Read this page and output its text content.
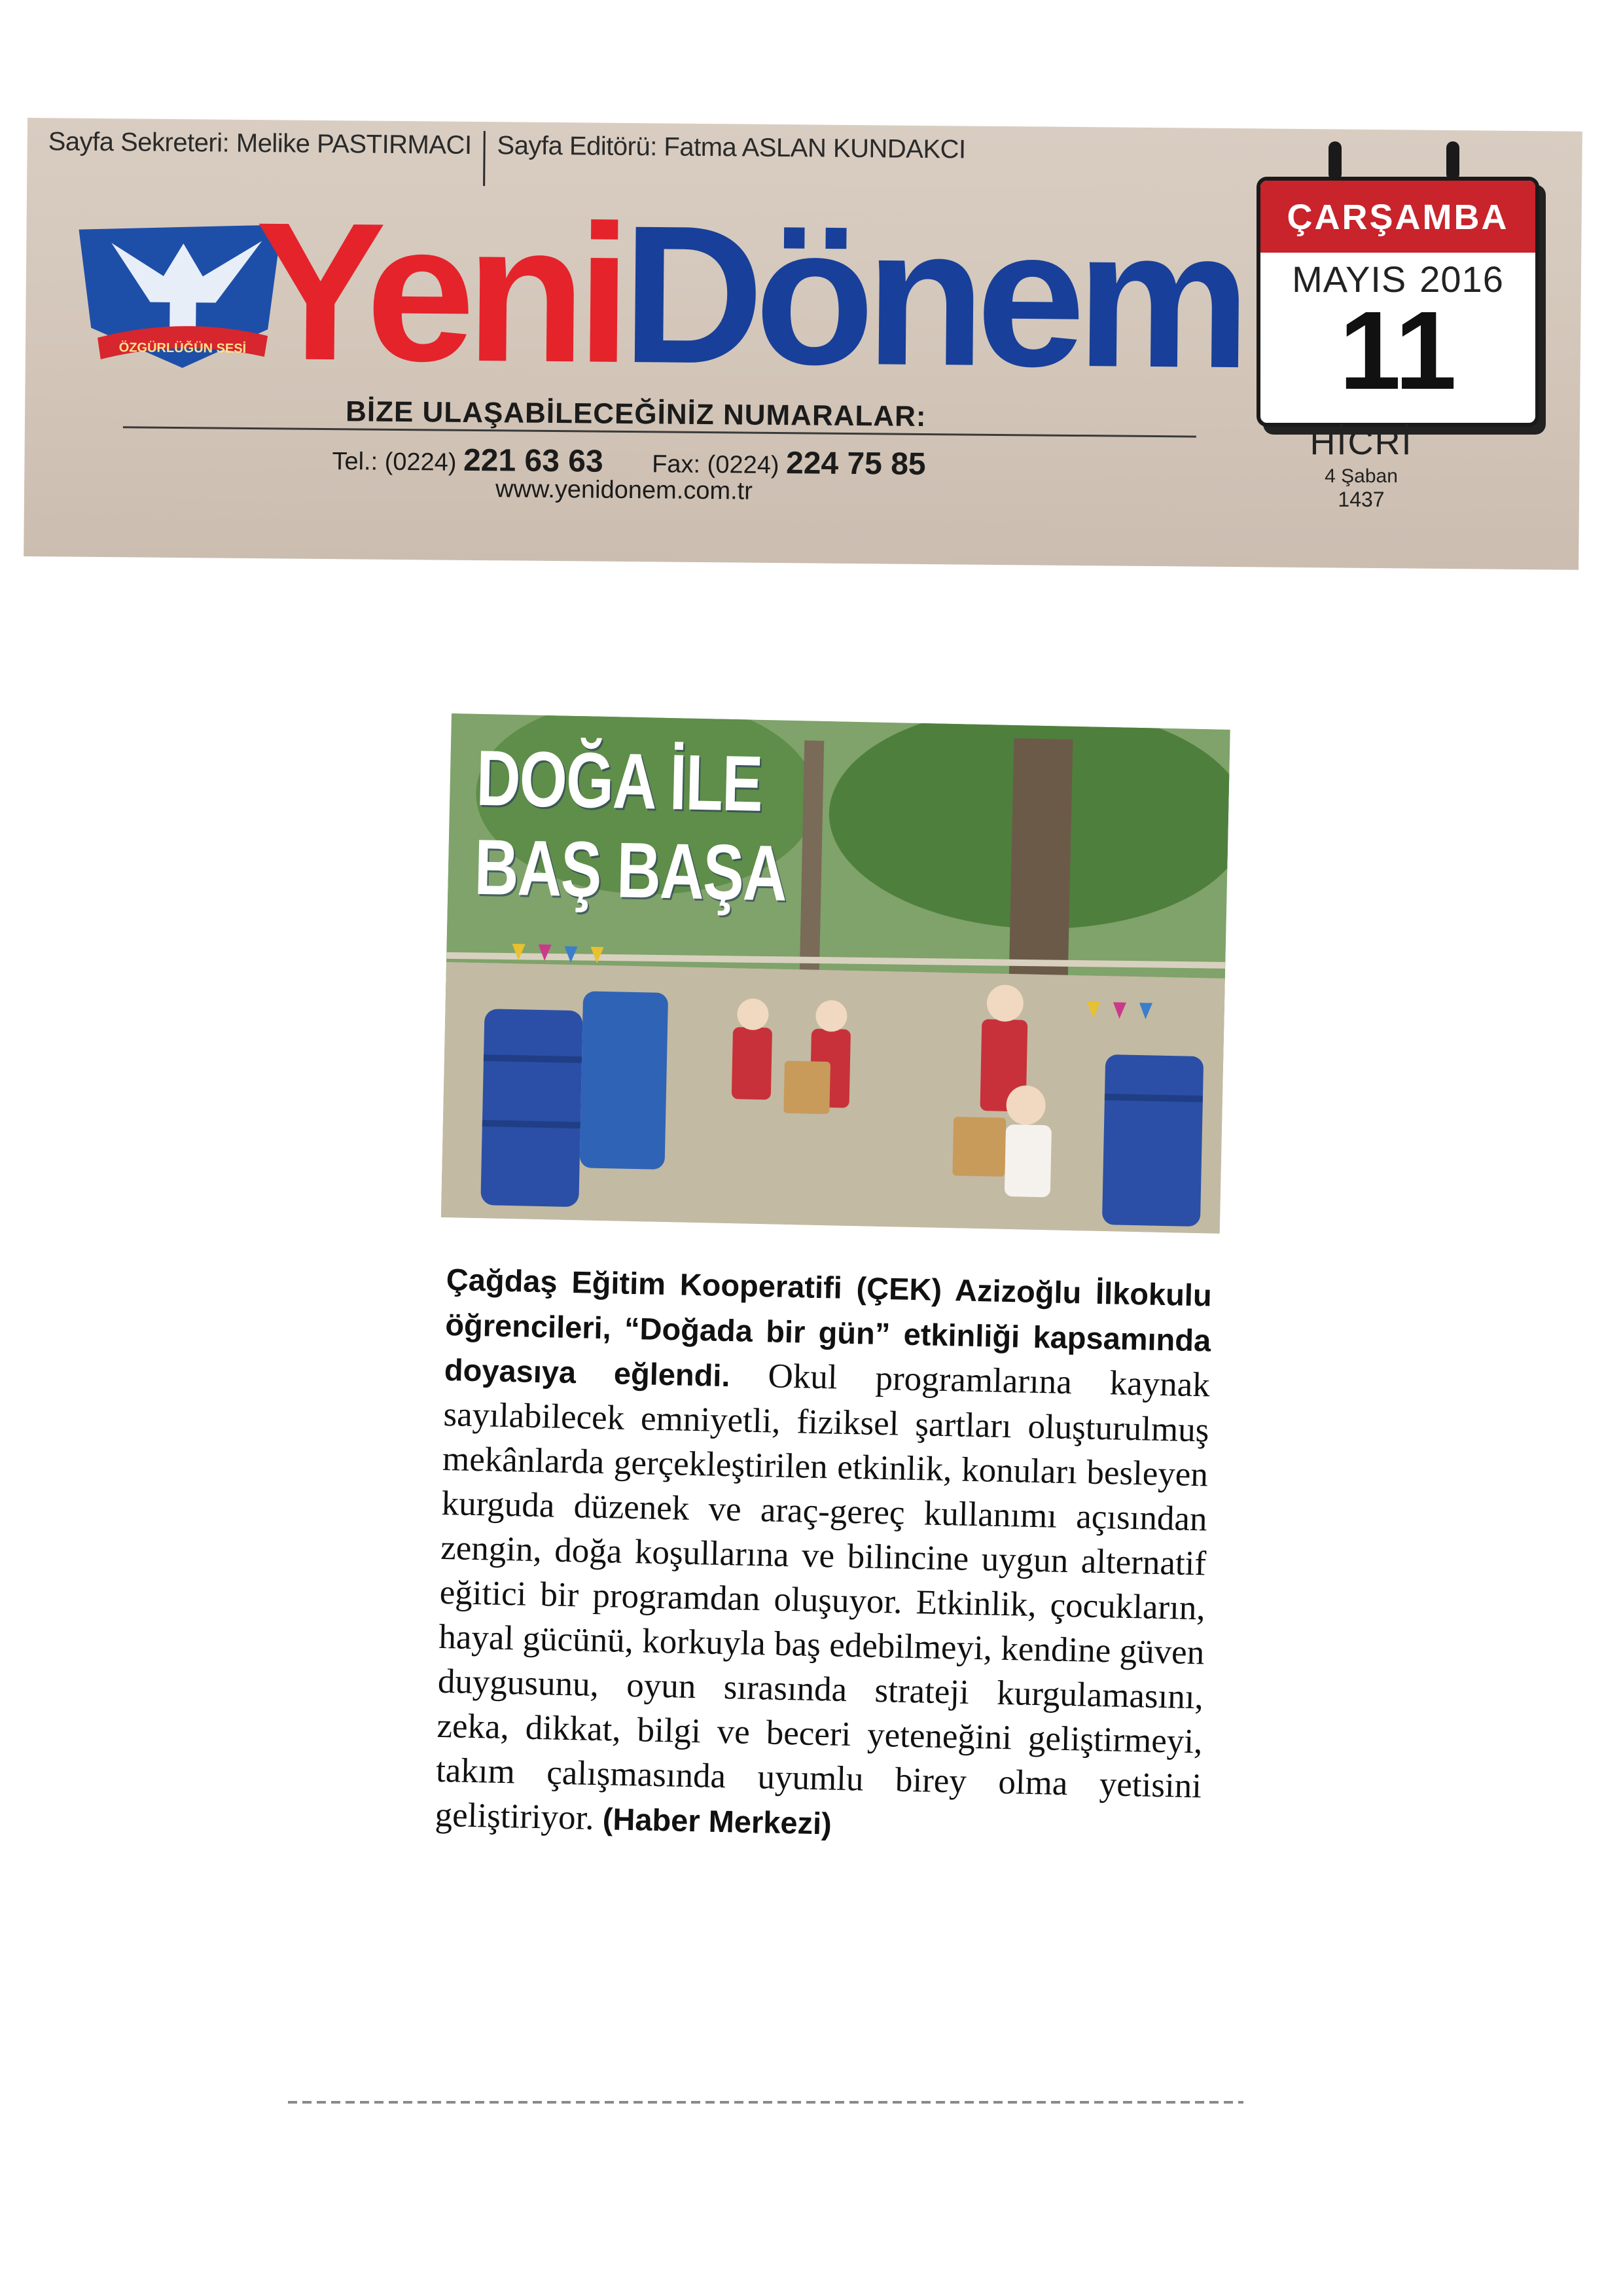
Sayfa Sekreteri: Melike PASTIRMACI Sayfa Editörü: Fatma ASLAN KUNDAKCI
ÖZGÜRLÜĞÜN SESİ YeniDönem
BİZE ULAŞABİLECEĞİNİZ NUMARALAR:
Tel.: (0224) 221 63 63 Fax: (0224) 224 75 85
www.yenidonem.com.tr
ÇARŞAMBA
MAYIS 2016
11
HİCRİ
4 Şaban
1437
DOĞA İLE
BAŞ BAŞA
Çağdaş Eğitim Kooperatifi (ÇEK) Azizoğlu İlkokulu öğrencileri, “Doğada bir gün” etkinliği kapsamında doyasıya eğlendi. Okul programlarına kaynak sayılabilecek emniyetli, fiziksel şartları oluşturulmuş mekânlarda gerçekleştirilen etkinlik, konuları besleyen kurguda düzenek ve araç-gereç kullanımı açısından zengin, doğa koşullarına ve bilincine uygun alternatif eğitici bir programdan oluşuyor. Etkinlik, çocukların, hayal gücünü, korkuyla baş edebilmeyi, kendine güven duygusunu, oyun sırasında strateji kurgulamasını, zeka, dikkat, bilgi ve beceri yeteneğini geliştirmeyi, takım çalışmasında uyumlu birey olma yetisini geliştiriyor. (Haber Merkezi)
